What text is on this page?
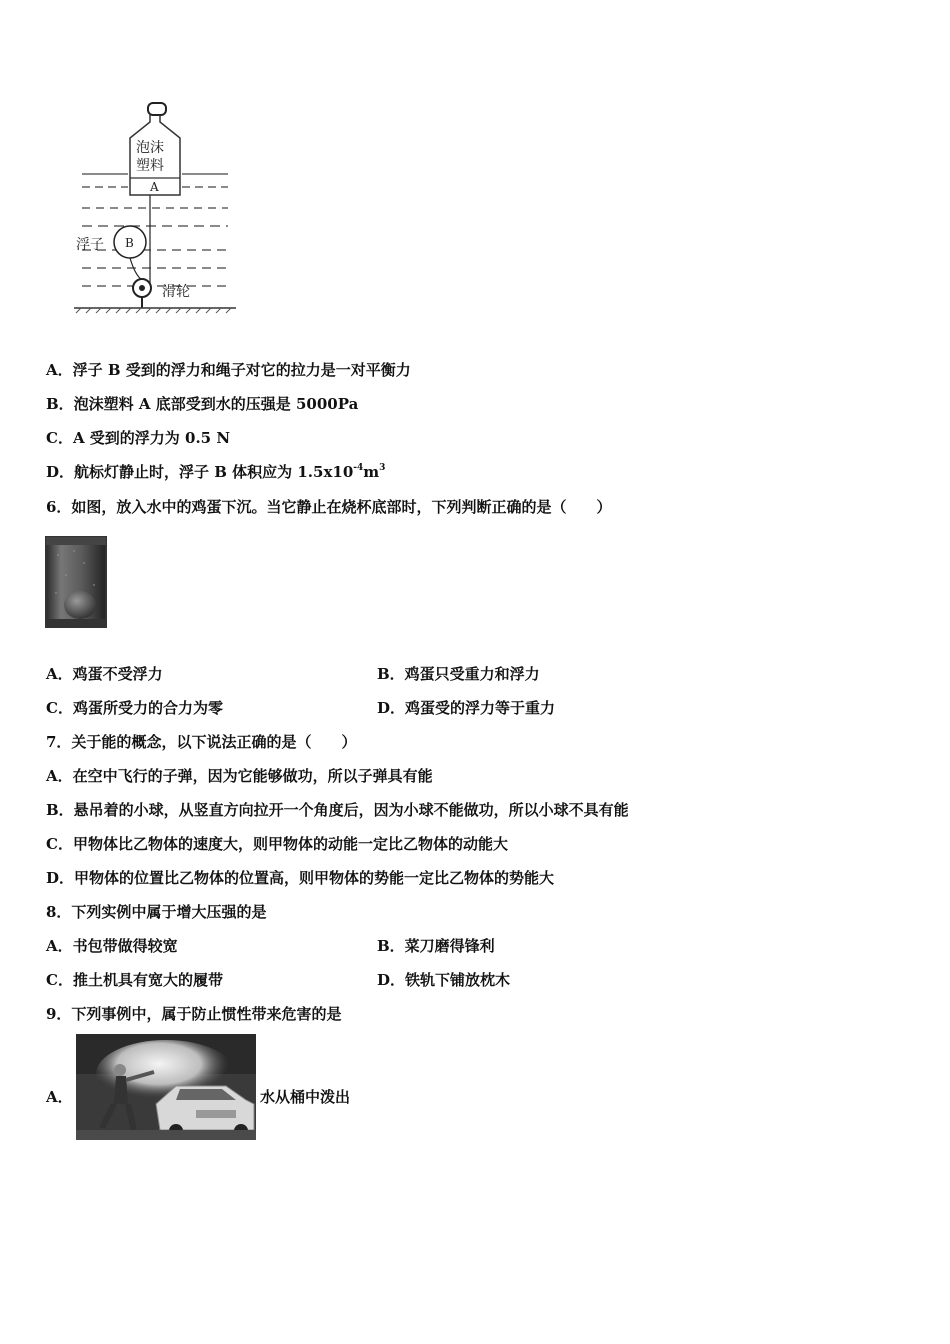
泡沫
塑料
A
B
浮子
滑轮
A．浮子 B 受到的浮力和绳子对它的拉力是一对平衡力
B．泡沫塑料 A 底部受到水的压强是 5000Pa
C．A 受到的浮力为 0.5 N
D．航标灯静止时，浮子 B 体积应为 $1.5x10^{-4}m^3$
6．如图，放入水中的鸡蛋下沉。当它静止在烧杯底部时，下列判断正确的是（　　）
A．鸡蛋不受浮力	B．鸡蛋只受重力和浮力
C．鸡蛋所受力的合力为零	D．鸡蛋受的浮力等于重力
7．关于能的概念，以下说法正确的是（　　）
A．在空中飞行的子弹，因为它能够做功，所以子弹具有能
B．悬吊着的小球，从竖直方向拉开一个角度后，因为小球不能做功，所以小球不具有能
C．甲物体比乙物体的速度大，则甲物体的动能一定比乙物体的动能大
D．甲物体的位置比乙物体的位置高，则甲物体的势能一定比乙物体的势能大
8．下列实例中属于增大压强的是
A．书包带做得较宽	B．菜刀磨得锋利
C．推土机具有宽大的履带	D．铁轨下铺放枕木
9．下列事例中，属于防止惯性带来危害的是
A．	水从桶中泼出
